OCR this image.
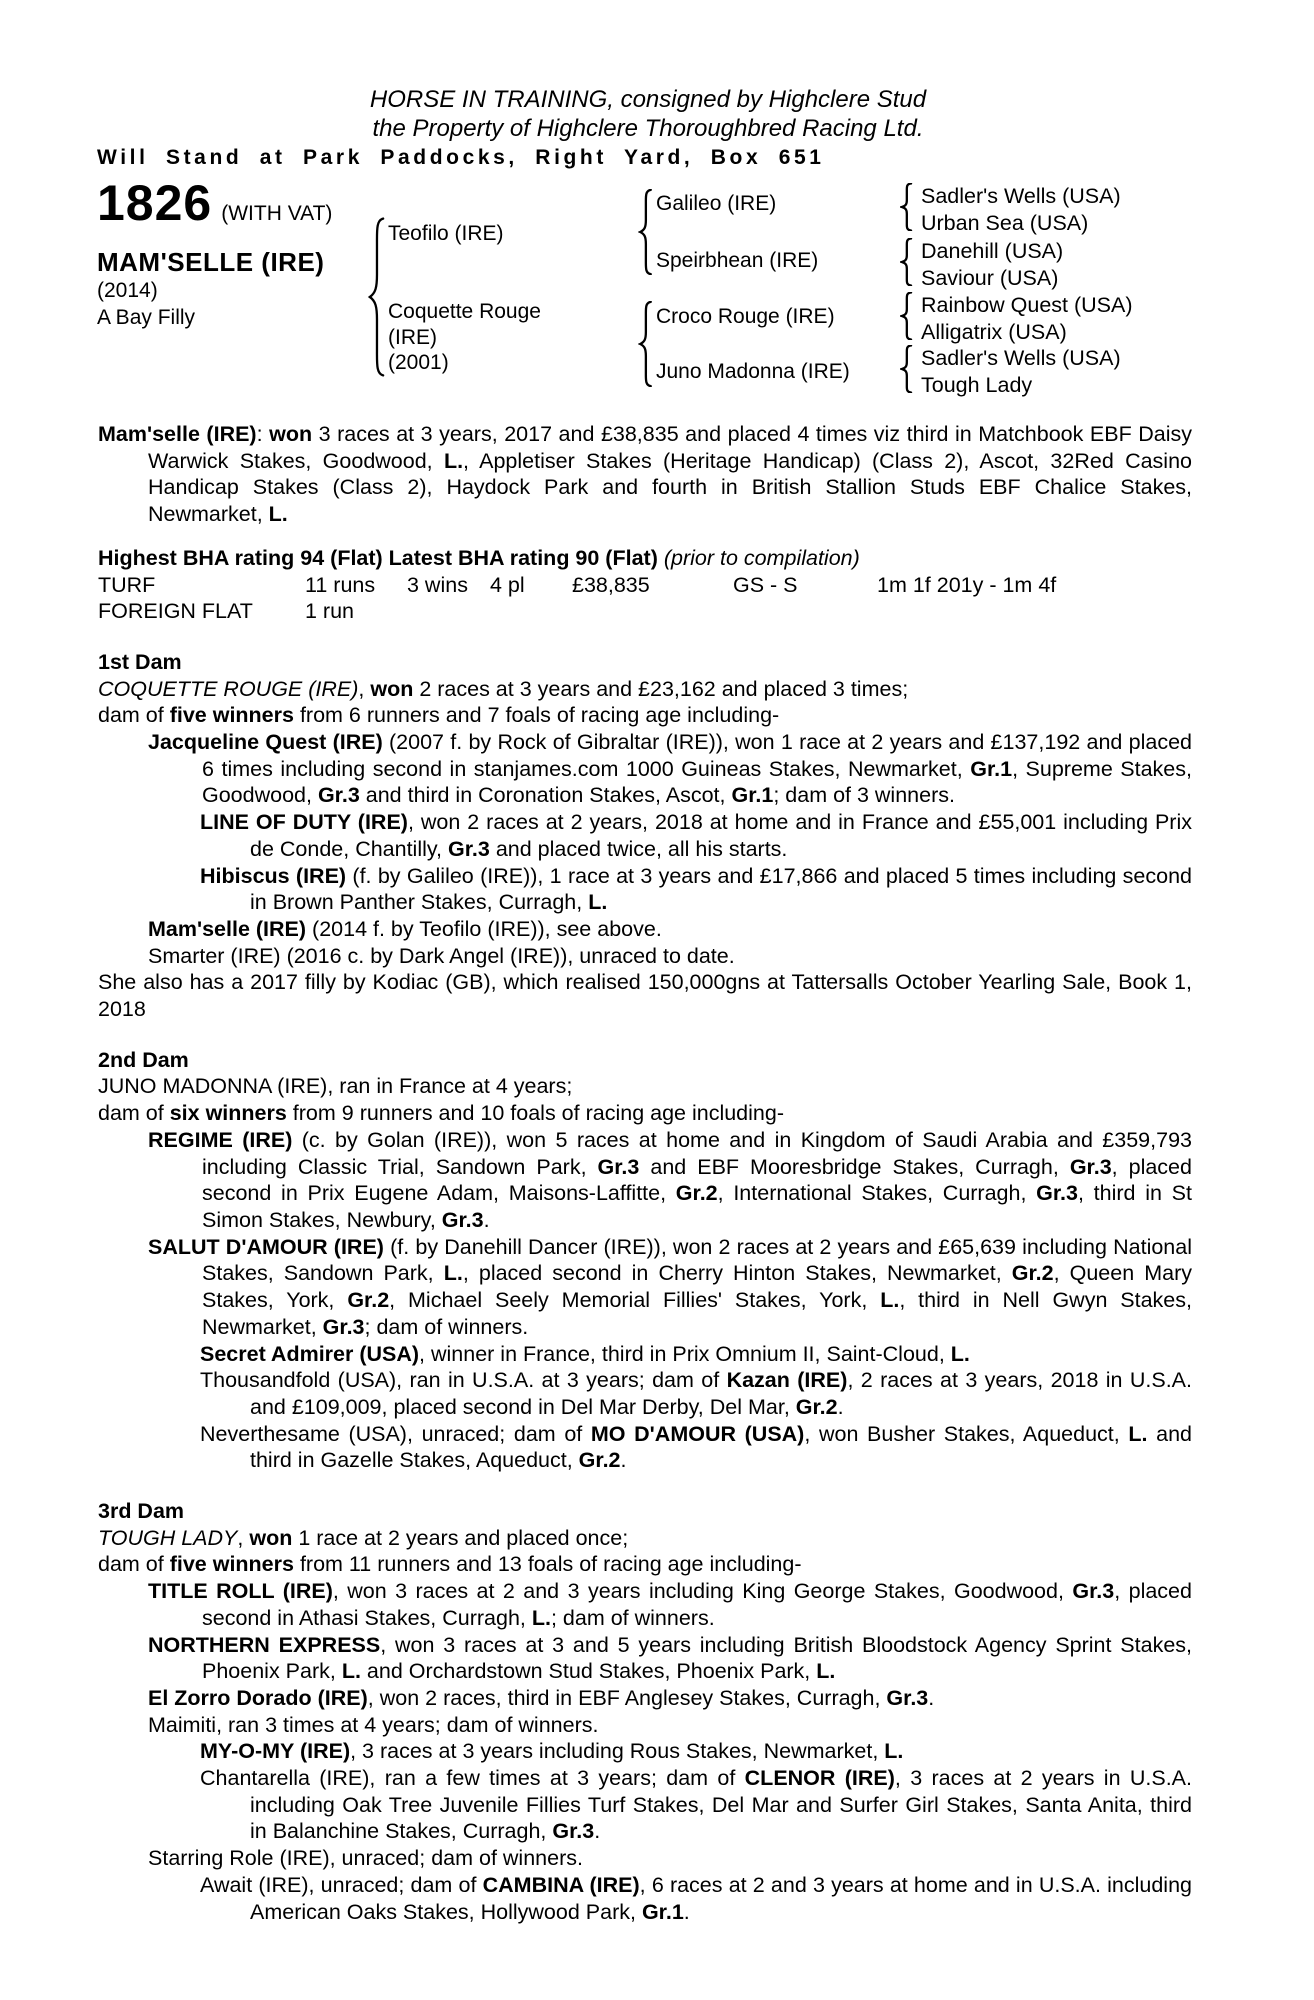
HORSE IN TRAINING, consigned by Highclere Stud
the Property of Highclere Thoroughbred Racing Ltd.
Will Stand at Park Paddocks, Right Yard, Box 651
1826 (WITH VAT)
MAM'SELLE (IRE)
(2014)
A Bay Filly
Teofilo (IRE)
Coquette Rouge
(IRE)
(2001)
Galileo (IRE)
Speirbhean (IRE)
Croco Rouge (IRE)
Juno Madonna (IRE)
Sadler's Wells (USA)
Urban Sea (USA)
Danehill (USA)
Saviour (USA)
Rainbow Quest (USA)
Alligatrix (USA)
Sadler's Wells (USA)
Tough Lady
Mam'selle (IRE): won 3 races at 3 years, 2017 and £38,835 and placed 4 times viz third in Matchbook EBF Daisy Warwick Stakes, Goodwood, L., Appletiser Stakes (Heritage Handicap) (Class 2), Ascot, 32Red Casino Handicap Stakes (Class 2), Haydock Park and fourth in British Stallion Studs EBF Chalice Stakes, Newmarket, L.
Highest BHA rating 94 (Flat) Latest BHA rating 90 (Flat) (prior to compilation)
TURF	11 runs	3 wins	4 pl	£38,835	GS - S	1m 1f 201y - 1m 4f
FOREIGN FLAT	1 run
1st Dam
COQUETTE ROUGE (IRE), won 2 races at 3 years and £23,162 and placed 3 times;
dam of five winners from 6 runners and 7 foals of racing age including-
Jacqueline Quest (IRE) (2007 f. by Rock of Gibraltar (IRE)), won 1 race at 2 years and £137,192 and placed 6 times including second in stanjames.com 1000 Guineas Stakes, Newmarket, Gr.1, Supreme Stakes, Goodwood, Gr.3 and third in Coronation Stakes, Ascot, Gr.1; dam of 3 winners.
LINE OF DUTY (IRE), won 2 races at 2 years, 2018 at home and in France and £55,001 including Prix de Conde, Chantilly, Gr.3 and placed twice, all his starts.
Hibiscus (IRE) (f. by Galileo (IRE)), 1 race at 3 years and £17,866 and placed 5 times including second in Brown Panther Stakes, Curragh, L.
Mam'selle (IRE) (2014 f. by Teofilo (IRE)), see above.
Smarter (IRE) (2016 c. by Dark Angel (IRE)), unraced to date.
She also has a 2017 filly by Kodiac (GB), which realised 150,000gns at Tattersalls October Yearling Sale, Book 1, 2018
2nd Dam
JUNO MADONNA (IRE), ran in France at 4 years;
dam of six winners from 9 runners and 10 foals of racing age including-
REGIME (IRE) (c. by Golan (IRE)), won 5 races at home and in Kingdom of Saudi Arabia and £359,793 including Classic Trial, Sandown Park, Gr.3 and EBF Mooresbridge Stakes, Curragh, Gr.3, placed second in Prix Eugene Adam, Maisons-Laffitte, Gr.2, International Stakes, Curragh, Gr.3, third in St Simon Stakes, Newbury, Gr.3.
SALUT D'AMOUR (IRE) (f. by Danehill Dancer (IRE)), won 2 races at 2 years and £65,639 including National Stakes, Sandown Park, L., placed second in Cherry Hinton Stakes, Newmarket, Gr.2, Queen Mary Stakes, York, Gr.2, Michael Seely Memorial Fillies' Stakes, York, L., third in Nell Gwyn Stakes, Newmarket, Gr.3; dam of winners.
Secret Admirer (USA), winner in France, third in Prix Omnium II, Saint-Cloud, L.
Thousandfold (USA), ran in U.S.A. at 3 years; dam of Kazan (IRE), 2 races at 3 years, 2018 in U.S.A. and £109,009, placed second in Del Mar Derby, Del Mar, Gr.2.
Neverthesame (USA), unraced; dam of MO D'AMOUR (USA), won Busher Stakes, Aqueduct, L. and third in Gazelle Stakes, Aqueduct, Gr.2.
3rd Dam
TOUGH LADY, won 1 race at 2 years and placed once;
dam of five winners from 11 runners and 13 foals of racing age including-
TITLE ROLL (IRE), won 3 races at 2 and 3 years including King George Stakes, Goodwood, Gr.3, placed second in Athasi Stakes, Curragh, L.; dam of winners.
NORTHERN EXPRESS, won 3 races at 3 and 5 years including British Bloodstock Agency Sprint Stakes, Phoenix Park, L. and Orchardstown Stud Stakes, Phoenix Park, L.
El Zorro Dorado (IRE), won 2 races, third in EBF Anglesey Stakes, Curragh, Gr.3.
Maimiti, ran 3 times at 4 years; dam of winners.
MY-O-MY (IRE), 3 races at 3 years including Rous Stakes, Newmarket, L.
Chantarella (IRE), ran a few times at 3 years; dam of CLENOR (IRE), 3 races at 2 years in U.S.A. including Oak Tree Juvenile Fillies Turf Stakes, Del Mar and Surfer Girl Stakes, Santa Anita, third in Balanchine Stakes, Curragh, Gr.3.
Starring Role (IRE), unraced; dam of winners.
Await (IRE), unraced; dam of CAMBINA (IRE), 6 races at 2 and 3 years at home and in U.S.A. including American Oaks Stakes, Hollywood Park, Gr.1.
